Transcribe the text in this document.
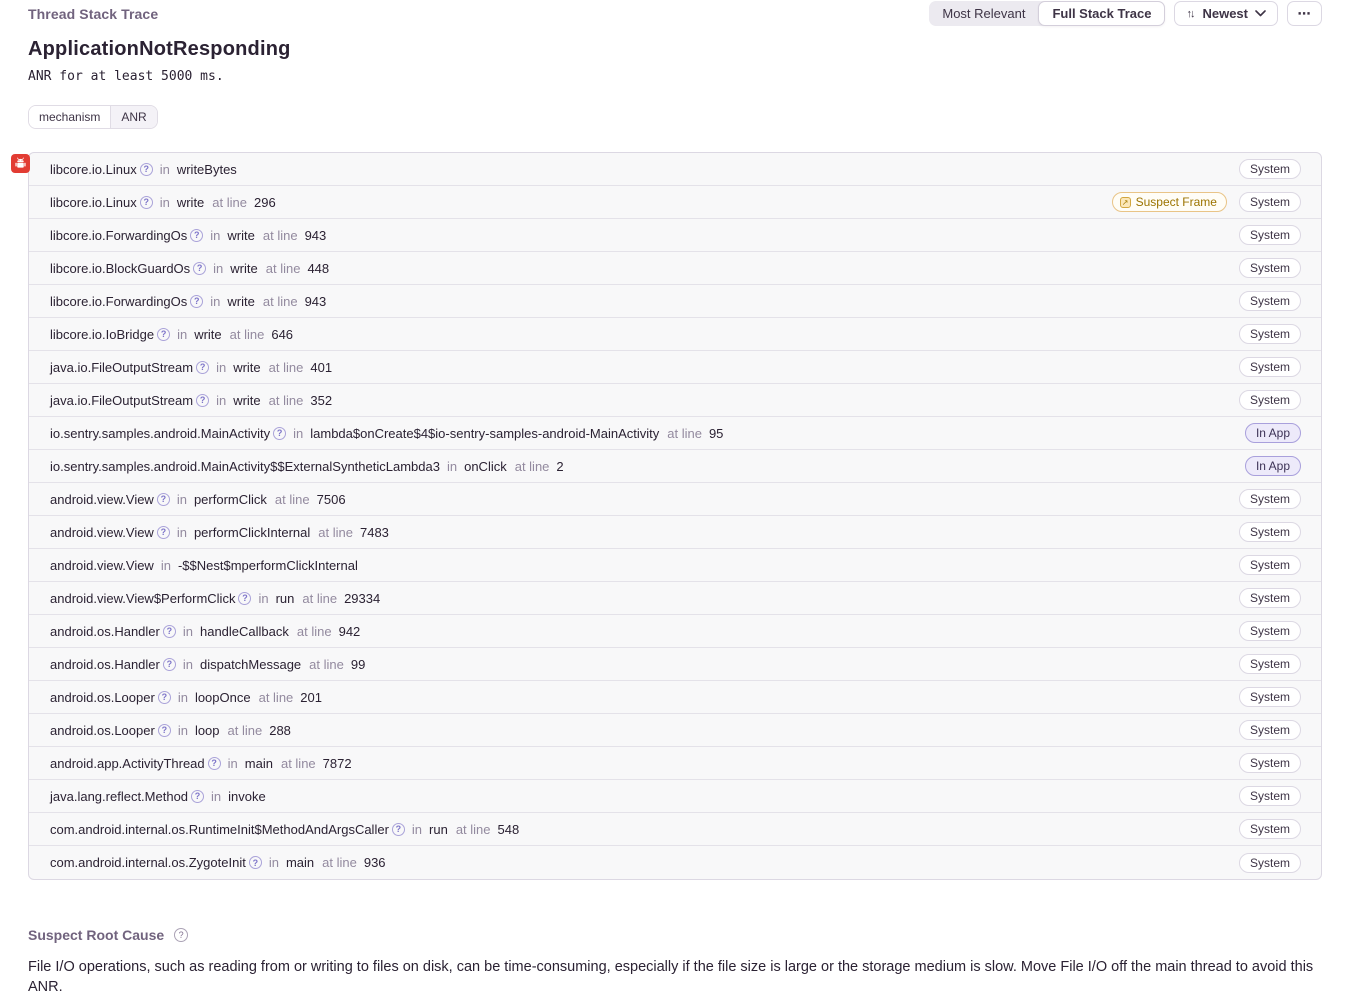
Thread Stack Trace	Most Relevant	Full Stack Trace	↑↓ Newest	⋯
ApplicationNotResponding
ANR for at least 5000 ms.
mechanism	ANR
libcore.io.Linux ? in writeBytes	System
libcore.io.Linux ? in write at line 296	↗ Suspect Frame	System
libcore.io.ForwardingOs ? in write at line 943	System
libcore.io.BlockGuardOs ? in write at line 448	System
libcore.io.ForwardingOs ? in write at line 943	System
libcore.io.IoBridge ? in write at line 646	System
java.io.FileOutputStream ? in write at line 401	System
java.io.FileOutputStream ? in write at line 352	System
io.sentry.samples.android.MainActivity ? in lambda$onCreate$4$io-sentry-samples-android-MainActivity at line 95	In App
io.sentry.samples.android.MainActivity$$ExternalSyntheticLambda3 in onClick at line 2	In App
android.view.View ? in performClick at line 7506	System
android.view.View ? in performClickInternal at line 7483	System
android.view.View in -$$Nest$mperformClickInternal	System
android.view.View$PerformClick ? in run at line 29334	System
android.os.Handler ? in handleCallback at line 942	System
android.os.Handler ? in dispatchMessage at line 99	System
android.os.Looper ? in loopOnce at line 201	System
android.os.Looper ? in loop at line 288	System
android.app.ActivityThread ? in main at line 7872	System
java.lang.reflect.Method ? in invoke	System
com.android.internal.os.RuntimeInit$MethodAndArgsCaller ? in run at line 548	System
com.android.internal.os.ZygoteInit ? in main at line 936	System
Suspect Root Cause	?
File I/O operations, such as reading from or writing to files on disk, can be time-consuming, especially if the file size is large or the storage medium is slow. Move File I/O off the main thread to avoid this ANR.
